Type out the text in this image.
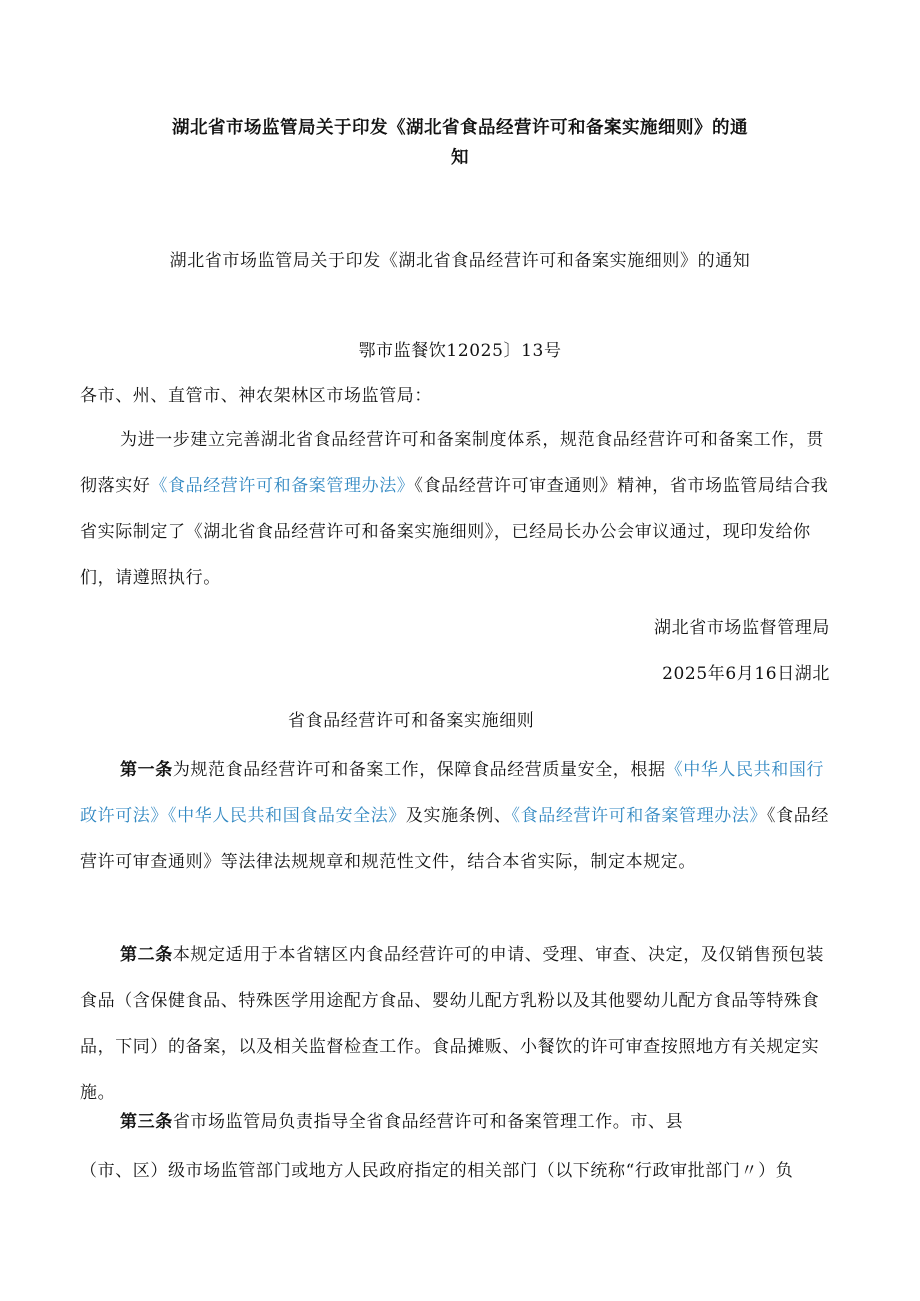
湖北省市场监管局关于印发《湖北省食品经营许可和备案实施细则》的通
知
湖北省市场监管局关于印发《湖北省食品经营许可和备案实施细则》的通知
鄂市监餐饮12025〕13号
各市、州、直管市、神农架林区市场监管局：
为进一步建立完善湖北省食品经营许可和备案制度体系，规范食品经营许可和备案工作，贯彻落实好《食品经营许可和备案管理办法》《食品经营许可审查通则》精神，省市场监管局结合我省实际制定了《湖北省食品经营许可和备案实施细则》，已经局长办公会审议通过，现印发给你们，请遵照执行。
湖北省市场监督管理局
2025年6月16日湖北
省食品经营许可和备案实施细则
第一条为规范食品经营许可和备案工作，保障食品经营质量安全，根据《中华人民共和国行政许可法》《中华人民共和国食品安全法》及实施条例、《食品经营许可和备案管理办法》《食品经营许可审查通则》等法律法规规章和规范性文件，结合本省实际，制定本规定。
第二条本规定适用于本省辖区内食品经营许可的申请、受理、审查、决定，及仅销售预包装食品（含保健食品、特殊医学用途配方食品、婴幼儿配方乳粉以及其他婴幼儿配方食品等特殊食品，下同）的备案，以及相关监督检查工作。食品摊贩、小餐饮的许可审查按照地方有关规定实施。
第三条省市场监管局负责指导全省食品经营许可和备案管理工作。市、县
（市、区）级市场监管部门或地方人民政府指定的相关部门（以下统称“行政审批部门〃）负
